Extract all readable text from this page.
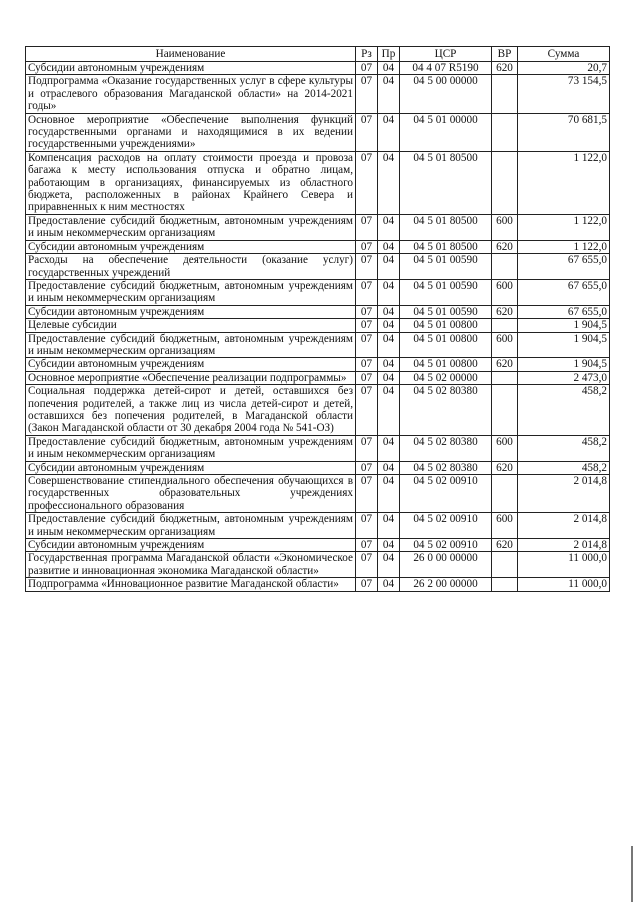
Наименование	Рз	Пр	ЦСР	ВР	Сумма
Субсидии автономным учреждениям	07	04	04 4 07 R5190	620	20,7
Подпрограмма «Оказание государственных услуг в сфере культуры и отраслевого образования Магаданской области» на 2014-2021 годы»	07	04	04 5 00 00000		73 154,5
Основное мероприятие «Обеспечение выполнения функций государственными органами и находящимися в их ведении государственными учреждениями»	07	04	04 5 01 00000		70 681,5
Компенсация расходов на оплату стоимости проезда и провоза багажа к месту использования отпуска и обратно лицам, работающим в организациях, финансируемых из областного бюджета, расположенных в районах Крайнего Севера и приравненных к ним местностях	07	04	04 5 01 80500		1 122,0
Предоставление субсидий бюджетным, автономным учреждениям и иным некоммерческим организациям	07	04	04 5 01 80500	600	1 122,0
Субсидии автономным учреждениям	07	04	04 5 01 80500	620	1 122,0
Расходы на обеспечение деятельности (оказание услуг) государственных учреждений	07	04	04 5 01 00590		67 655,0
Предоставление субсидий бюджетным, автономным учреждениям и иным некоммерческим организациям	07	04	04 5 01 00590	600	67 655,0
Субсидии автономным учреждениям	07	04	04 5 01 00590	620	67 655,0
Целевые субсидии	07	04	04 5 01 00800		1 904,5
Предоставление субсидий бюджетным, автономным учреждениям и иным некоммерческим организациям	07	04	04 5 01 00800	600	1 904,5
Субсидии автономным учреждениям	07	04	04 5 01 00800	620	1 904,5
Основное мероприятие «Обеспечение реализации подпрограммы»	07	04	04 5 02 00000		2 473,0
Социальная поддержка детей-сирот и детей, оставшихся без попечения родителей, а также лиц из числа детей-сирот и детей, оставшихся без попечения родителей, в Магаданской области (Закон Магаданской области от 30 декабря 2004 года № 541-ОЗ)	07	04	04 5 02 80380		458,2
Предоставление субсидий бюджетным, автономным учреждениям и иным некоммерческим организациям	07	04	04 5 02 80380	600	458,2
Субсидии автономным учреждениям	07	04	04 5 02 80380	620	458,2
Совершенствование стипендиального обеспечения обучающихся в государственных образовательных учреждениях профессионального образования	07	04	04 5 02 00910		2 014,8
Предоставление субсидий бюджетным, автономным учреждениям и иным некоммерческим организациям	07	04	04 5 02 00910	600	2 014,8
Субсидии автономным учреждениям	07	04	04 5 02 00910	620	2 014,8
Государственная программа Магаданской области «Экономическое развитие и инновационная экономика Магаданской области»	07	04	26 0 00 00000		11 000,0
Подпрограмма «Инновационное развитие Магаданской области»	07	04	26 2 00 00000		11 000,0
